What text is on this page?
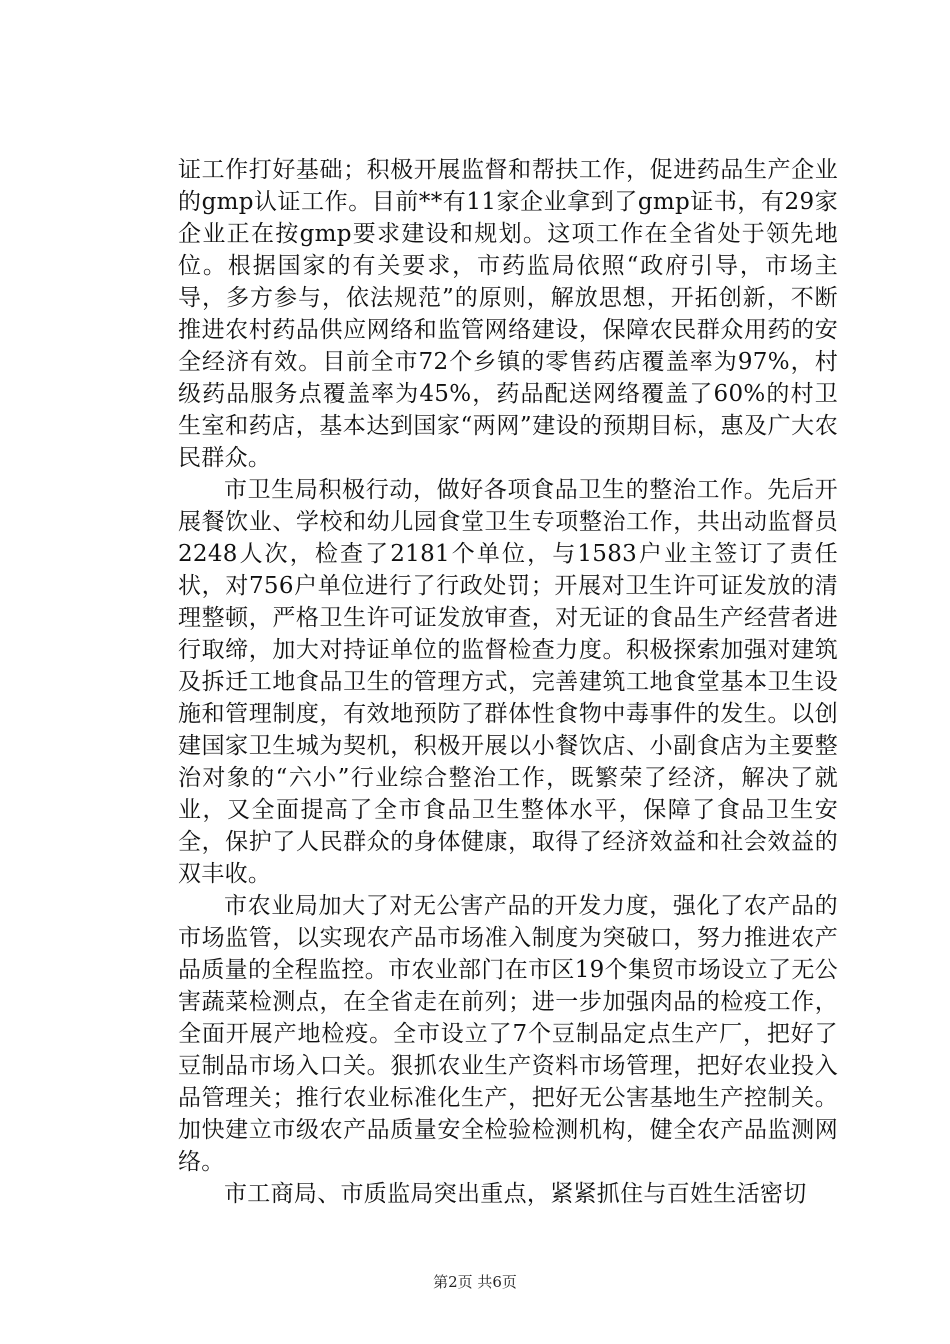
证工作打好基础；积极开展监督和帮扶工作，促进药品生产企业的gmp认证工作。目前**有11家企业拿到了gmp证书，有29家企业正在按gmp要求建设和规划。这项工作在全省处于领先地位。根据国家的有关要求，市药监局依照“政府引导，市场主导，多方参与，依法规范”的原则，解放思想，开拓创新，不断推进农村药品供应网络和监管网络建设，保障农民群众用药的安全经济有效。目前全市72个乡镇的零售药店覆盖率为97%，村级药品服务点覆盖率为45%，药品配送网络覆盖了60%的村卫生室和药店，基本达到国家“两网”建设的预期目标，惠及广大农民群众。

市卫生局积极行动，做好各项食品卫生的整治工作。先后开展餐饮业、学校和幼儿园食堂卫生专项整治工作，共出动监督员2248人次，检查了2181个单位，与1583户业主签订了责任状，对756户单位进行了行政处罚；开展对卫生许可证发放的清理整顿，严格卫生许可证发放审查，对无证的食品生产经营者进行取缔，加大对持证单位的监督检查力度。积极探索加强对建筑及拆迁工地食品卫生的管理方式，完善建筑工地食堂基本卫生设施和管理制度，有效地预防了群体性食物中毒事件的发生。以创建国家卫生城为契机，积极开展以小餐饮店、小副食店为主要整治对象的“六小”行业综合整治工作，既繁荣了经济，解决了就业，又全面提高了全市食品卫生整体水平，保障了食品卫生安全，保护了人民群众的身体健康，取得了经济效益和社会效益的双丰收。

市农业局加大了对无公害产品的开发力度，强化了农产品的市场监管，以实现农产品市场准入制度为突破口，努力推进农产品质量的全程监控。市农业部门在市区19个集贸市场设立了无公害蔬菜检测点，在全省走在前列；进一步加强肉品的检疫工作，全面开展产地检疫。全市设立了7个豆制品定点生产厂，把好了豆制品市场入口关。狠抓农业生产资料市场管理，把好农业投入品管理关；推行农业标准化生产，把好无公害基地生产控制关。加快建立市级农产品质量安全检验检测机构，健全农产品监测网络。

市工商局、市质监局突出重点，紧紧抓住与百姓生活密切

第2页 共6页
